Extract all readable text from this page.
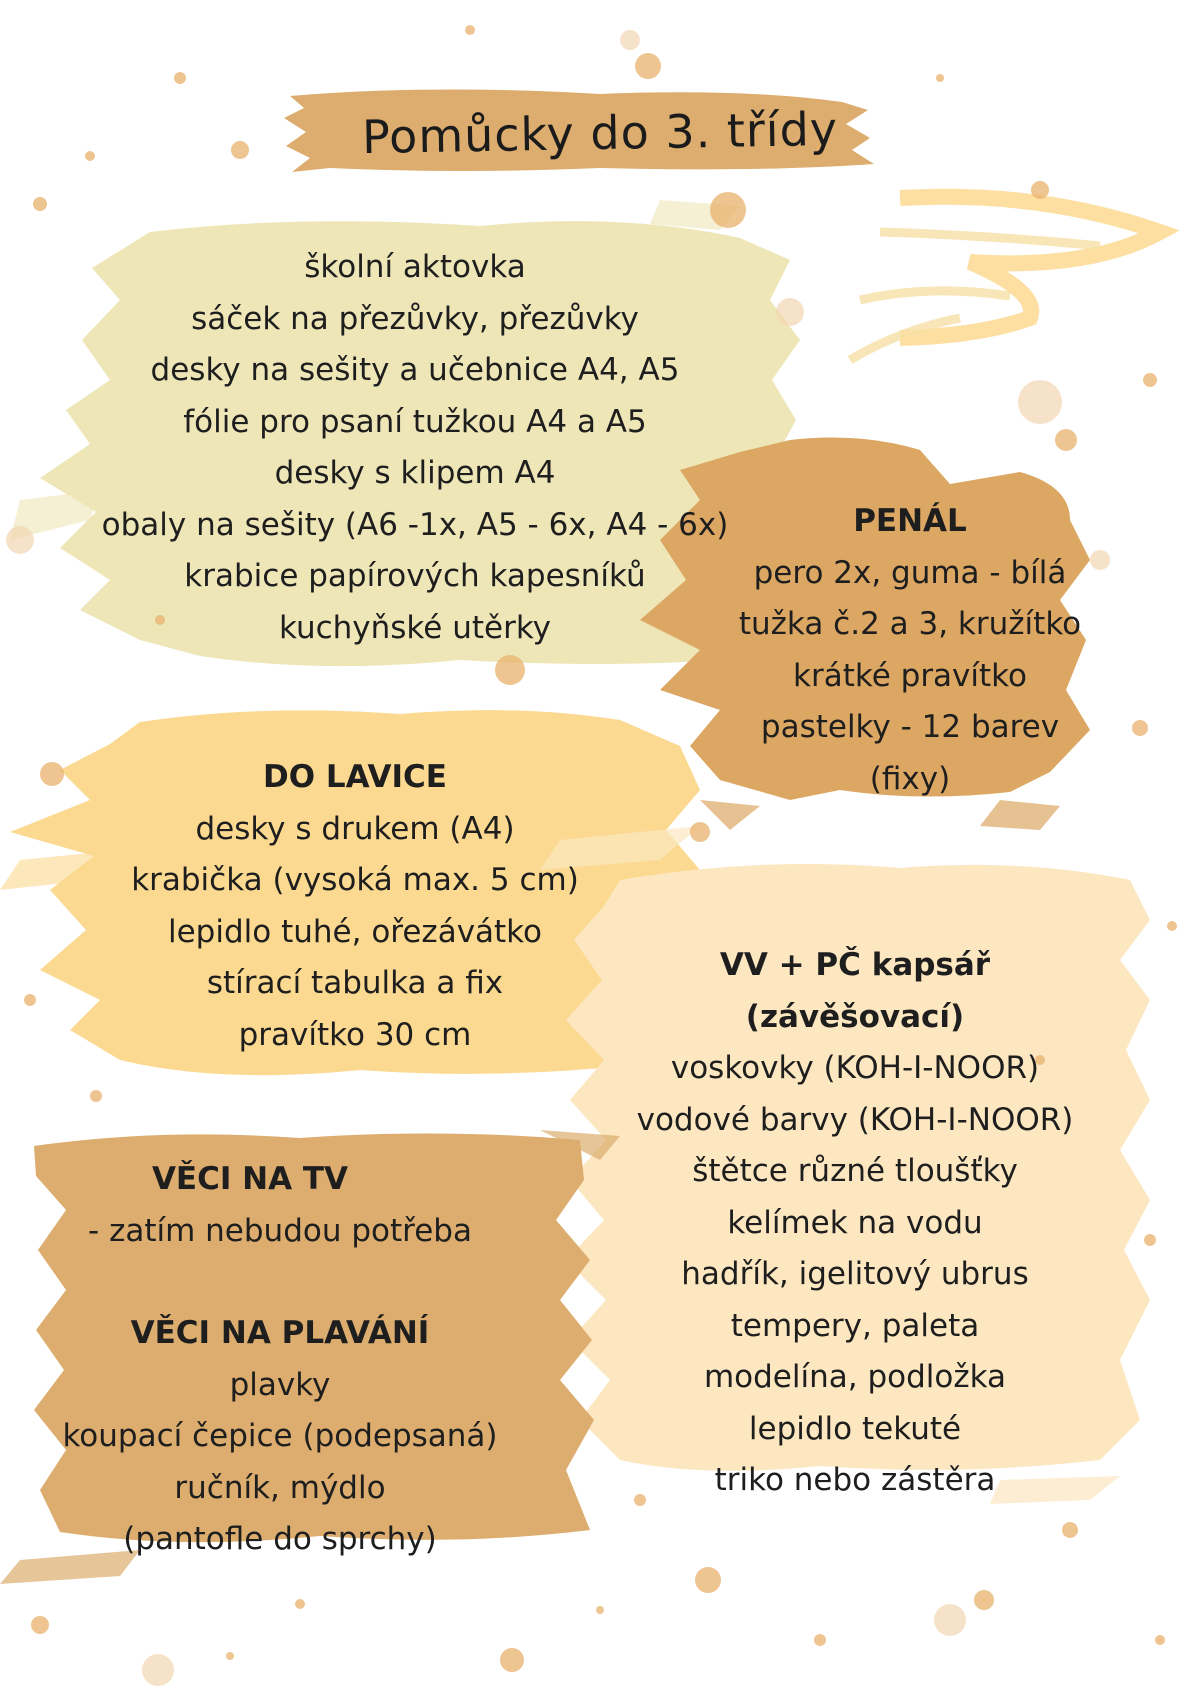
Pomůcky do 3. třídy
školní aktovka
sáček na přezůvky, přezůvky
desky na sešity a učebnice A4, A5
fólie pro psaní tužkou A4 a A5
desky s klipem A4
obaly na sešity (A6 -1x, A5 - 6x, A4 - 6x)
krabice papírových kapesníků
kuchyňské utěrky
PENÁL
pero 2x, guma - bílá
tužka č.2 a 3, kružítko
krátké pravítko
pastelky - 12 barev
(fixy)
DO LAVICE
desky s drukem (A4)
krabička (vysoká max. 5 cm)
lepidlo tuhé, ořezávátko
stírací tabulka a fix
pravítko 30 cm
VV + PČ kapsář
(závěšovací)
voskovky (KOH-I-NOOR)
vodové barvy (KOH-I-NOOR)
štětce různé tloušťky
kelímek na vodu
hadřík, igelitový ubrus
tempery, paleta
modelína, podložka
lepidlo tekuté
triko nebo zástěra
VĚCI NA TV
- zatím nebudou potřeba
VĚCI NA PLAVÁNÍ
plavky
koupací čepice (podepsaná)
ručník, mýdlo
(pantofle do sprchy)
